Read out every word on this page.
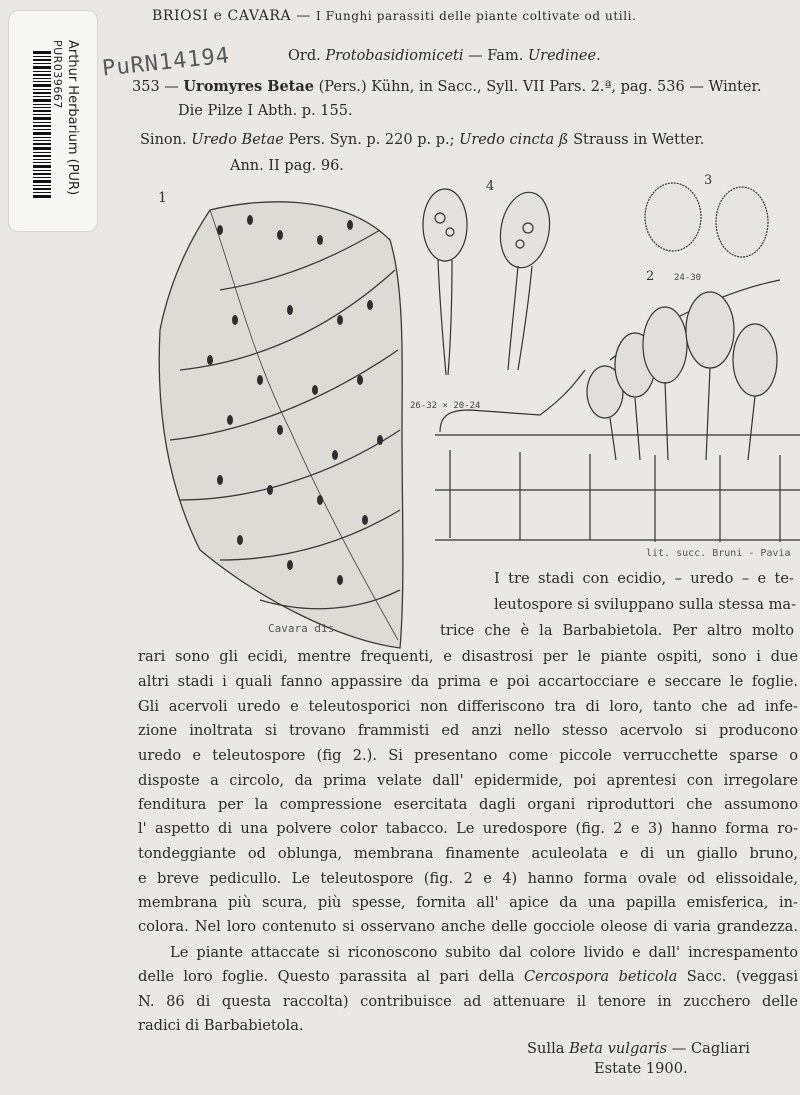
Arthur Herbarium (PUR)
PUR039667 PuRN14194
BRIOSI e CAVARA — I Funghi parassiti delle piante coltivate od utili.
Ord. Protobasidiomiceti — Fam. Uredinee.
353 — Uromyres Betae (Pers.) Kühn, in Sacc., Syll. VII Pars. 2.ª, pag. 536 — Winter.
Die Pilze I Abth. p. 155.
Sinon. Uredo Betae Pers. Syn. p. 220 p. p.; Uredo cincta ß Strauss in Wetter.
Ann. II pag. 96.
1
Cavara dis
4
26-32 × 20-24
3
2 24-30
lit. succ. Bruni - Pavia
I tre stadi con ecidio, – uredo – e te-
leutospore si sviluppano sulla stessa ma-
trice che è la Barbabietola. Per altro molto
rari sono gli ecidi, mentre frequenti, e disastrosi per le piante ospiti, sono i due
altri stadi i quali fanno appassire da prima e poi accartocciare e seccare le foglie.
Gli acervoli uredo e teleutosporici non differiscono tra di loro, tanto che ad infe-
zione inoltrata si trovano frammisti ed anzi nello stesso acervolo si producono
uredo e teleutospore (fig 2.). Si presentano come piccole verrucchette sparse o
disposte a circolo, da prima velate dall' epidermide, poi aprentesi con irregolare
fenditura per la compressione esercitata dagli organi riproduttori che assumono
l' aspetto di una polvere color tabacco. Le uredospore (fig. 2 e 3) hanno forma ro-
tondeggiante od oblunga, membrana finamente aculeolata e di un giallo bruno,
e breve pedicullo. Le teleutospore (fig. 2 e 4) hanno forma ovale od elissoidale,
membrana più scura, più spesse, fornita all' apice da una papilla emisferica, in-
colora. Nel loro contenuto si osservano anche delle gocciole oleose di varia grandezza.
Le piante attaccate si riconoscono subito dal colore livido e dall' increspamento
delle loro foglie. Questo parassita al pari della Cercospora beticola Sacc. (veggasi
N. 86 di questa raccolta) contribuisce ad attenuare il tenore in zucchero delle
radici di Barbabietola.
Sulla Beta vulgaris — Cagliari
Estate 1900.
